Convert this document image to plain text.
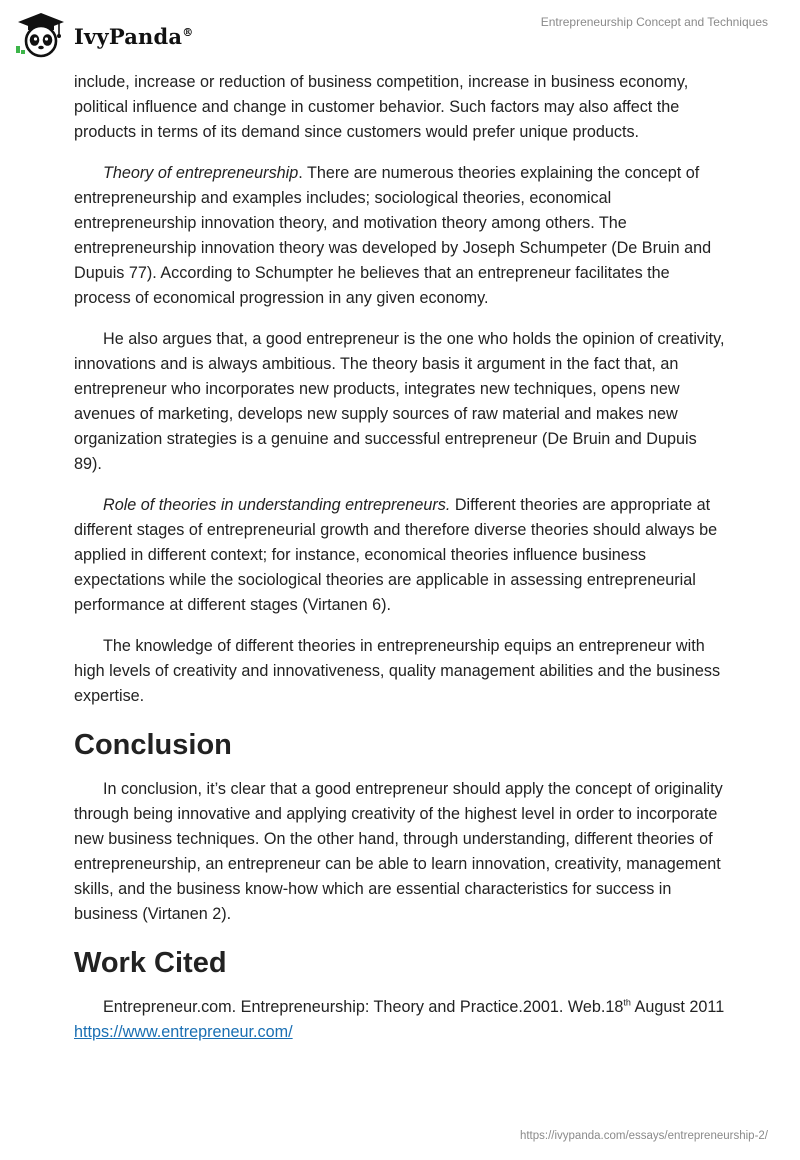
IvyPanda®
Entrepreneurship Concept and Techniques

include, increase or reduction of business competition, increase in business economy, political influence and change in customer behavior. Such factors may also affect the products in terms of its demand since customers would prefer unique products.

Theory of entrepreneurship. There are numerous theories explaining the concept of entrepreneurship and examples includes; sociological theories, economical entrepreneurship innovation theory, and motivation theory among others. The entrepreneurship innovation theory was developed by Joseph Schumpeter (De Bruin and Dupuis 77). According to Schumpter he believes that an entrepreneur facilitates the process of economical progression in any given economy.

He also argues that, a good entrepreneur is the one who holds the opinion of creativity, innovations and is always ambitious. The theory basis it argument in the fact that, an entrepreneur who incorporates new products, integrates new techniques, opens new avenues of marketing, develops new supply sources of raw material and makes new organization strategies is a genuine and successful entrepreneur (De Bruin and Dupuis 89).

Role of theories in understanding entrepreneurs. Different theories are appropriate at different stages of entrepreneurial growth and therefore diverse theories should always be applied in different context; for instance, economical theories influence business expectations while the sociological theories are applicable in assessing entrepreneurial performance at different stages (Virtanen 6).

The knowledge of different theories in entrepreneurship equips an entrepreneur with high levels of creativity and innovativeness, quality management abilities and the business expertise.

Conclusion

In conclusion, it’s clear that a good entrepreneur should apply the concept of originality through being innovative and applying creativity of the highest level in order to incorporate new business techniques. On the other hand, through understanding, different theories of entrepreneurship, an entrepreneur can be able to learn innovation, creativity, management skills, and the business know-how which are essential characteristics for success in business (Virtanen 2).

Work Cited

Entrepreneur.com. Entrepreneurship: Theory and Practice.2001. Web.18th August 2011 https://www.entrepreneur.com/

https://ivypanda.com/essays/entrepreneurship-2/
